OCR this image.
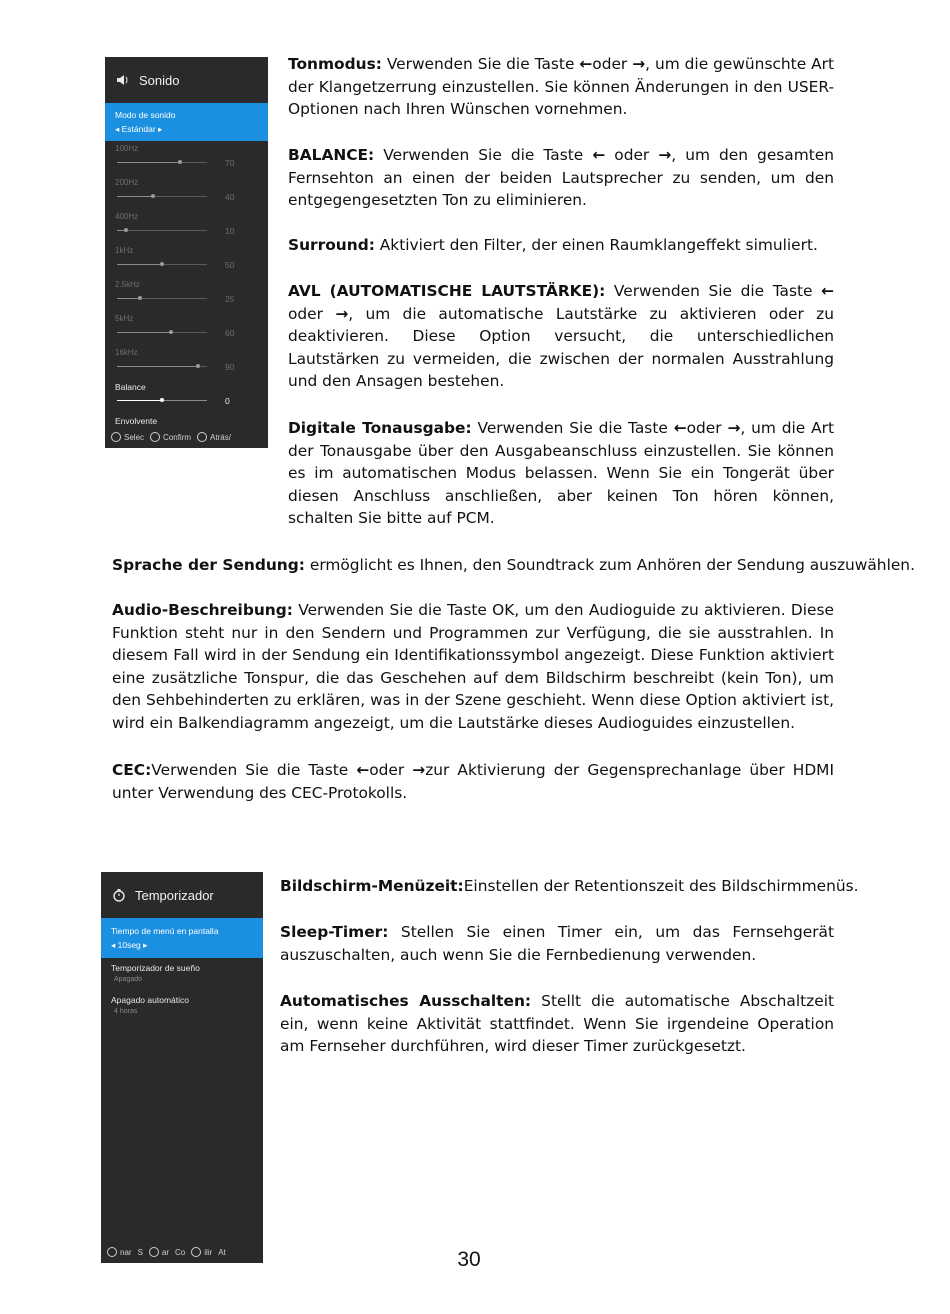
Sonido
Modo de sonido
◂ Estándar ▸
100Hz
70
200Hz
40
400Hz
10
1kHz
50
2.5kHz
25
5kHz
60
16kHz
90
Balance
0
Envolvente
Selec Confirm Atrás/

Tonmodus: Verwenden Sie die Taste ←oder →, um die gewünschte Art der Klangetzerrung einzustellen. Sie können Änderungen in den USER-Optionen nach Ihren Wünschen vornehmen.

BALANCE: Verwenden Sie die Taste ← oder →, um den gesamten Fernsehton an einen der beiden Lautsprecher zu senden, um den entgegengesetzten Ton zu eliminieren.

Surround: Aktiviert den Filter, der einen Raumklangeffekt simuliert.

AVL (AUTOMATISCHE LAUTSTÄRKE): Verwenden Sie die Taste ←oder →, um die automatische Lautstärke zu aktivieren oder zu deaktivieren. Diese Option versucht, die unterschiedlichen Lautstärken zu vermeiden, die zwischen der normalen Ausstrahlung und den Ansagen bestehen.

Digitale Tonausgabe: Verwenden Sie die Taste ←oder →, um die Art der Tonausgabe über den Ausgabeanschluss einzustellen. Sie können es im automatischen Modus belassen. Wenn Sie ein Tongerät über diesen Anschluss anschließen, aber keinen Ton hören können, schalten Sie bitte auf PCM.

Sprache der Sendung: ermöglicht es Ihnen, den Soundtrack zum Anhören der Sendung auszuwählen.

Audio-Beschreibung: Verwenden Sie die Taste OK, um den Audioguide zu aktivieren. Diese Funktion steht nur in den Sendern und Programmen zur Verfügung, die sie ausstrahlen. In diesem Fall wird in der Sendung ein Identifikationssymbol angezeigt. Diese Funktion aktiviert eine zusätzliche Tonspur, die das Geschehen auf dem Bildschirm beschreibt (kein Ton), um den Sehbehinderten zu erklären, was in der Szene geschieht. Wenn diese Option aktiviert ist, wird ein Balkendiagramm angezeigt, um die Lautstärke dieses Audioguides einzustellen.

CEC:Verwenden Sie die Taste ←oder →zur Aktivierung der Gegensprechanlage über HDMI unter Verwendung des CEC-Protokolls.

Temporizador
Tiempo de menú en pantalla
◂ 10seg ▸
Temporizador de sueño
Apagado
Apagado automático
4 horas
nar S ar Co ilir At

Bildschirm-Menüzeit:Einstellen der Retentionszeit des Bildschirmmenüs.

Sleep-Timer: Stellen Sie einen Timer ein, um das Fernsehgerät auszuschalten, auch wenn Sie die Fernbedienung verwenden.

Automatisches Ausschalten: Stellt die automatische Abschaltzeit ein, wenn keine Aktivität stattfindet. Wenn Sie irgendeine Operation am Fernseher durchführen, wird dieser Timer zurückgesetzt.

30
